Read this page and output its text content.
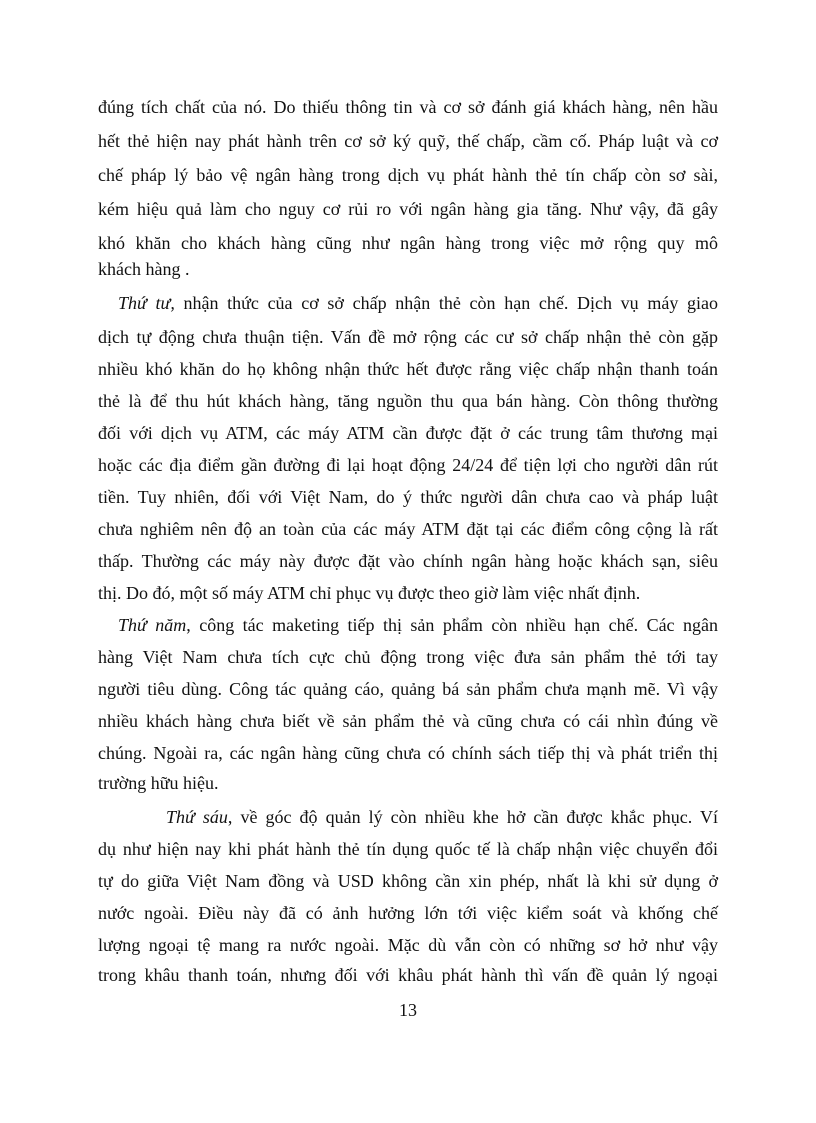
đúng tích chất của nó. Do thiếu thông tin và cơ sở đánh giá khách hàng, nên hầu
hết thẻ hiện nay phát hành trên cơ sở ký quỹ, thế chấp, cầm cố. Pháp luật và cơ
chế pháp lý bảo vệ ngân hàng trong dịch vụ phát hành thẻ tín chấp còn sơ sài,
kém hiệu quả làm cho nguy cơ rủi ro với ngân hàng gia tăng. Như vậy, đã gây
khó khăn cho khách hàng cũng như ngân hàng trong việc mở rộng quy mô
khách hàng .
Thứ tư, nhận thức của cơ sở chấp nhận thẻ còn hạn chế. Dịch vụ máy giao
dịch tự động chưa thuận tiện. Vấn đề mở rộng các cư sở chấp nhận thẻ còn gặp
nhiều khó khăn do họ không nhận thức hết được rằng việc chấp nhận thanh toán
thẻ là để thu hút khách hàng, tăng nguồn thu qua bán hàng. Còn thông thường
đối với dịch vụ ATM, các máy ATM cần được đặt ở các trung tâm thương mại
hoặc các địa điểm gần đường đi lại hoạt động 24/24 để tiện lợi cho người dân rút
tiền. Tuy nhiên, đối với Việt Nam, do ý thức người dân chưa cao và pháp luật
chưa nghiêm nên độ an toàn của các máy ATM đặt tại các điểm công cộng là rất
thấp. Thường các máy này được đặt vào chính ngân hàng hoặc khách sạn, siêu
thị. Do đó, một số máy ATM chỉ phục vụ được theo giờ làm việc nhất định.
Thứ năm, công tác maketing tiếp thị sản phẩm còn nhiều hạn chế. Các ngân
hàng Việt Nam chưa tích cực chủ động trong việc đưa sản phẩm thẻ tới tay
người tiêu dùng. Công tác quảng cáo, quảng bá sản phẩm chưa mạnh mẽ. Vì vậy
nhiều khách hàng chưa biết về sản phẩm thẻ và cũng chưa có cái nhìn đúng về
chúng. Ngoài ra, các ngân hàng cũng chưa có chính sách tiếp thị và phát triển thị
trường hữu hiệu.
Thứ sáu, về góc độ quản lý còn nhiều khe hở cần được khắc phục. Ví
dụ như hiện nay khi phát hành thẻ tín dụng quốc tế là chấp nhận việc chuyển đổi
tự do giữa Việt Nam đồng và USD không cần xin phép, nhất là khi sử dụng ở
nước ngoài. Điều này đã có ảnh hưởng lớn tới việc kiểm soát và khống chế
lượng ngoại tệ mang ra nước ngoài. Mặc dù vẫn còn có những sơ hở như vậy
trong khâu thanh toán, nhưng đối với khâu phát hành thì vấn đề quản lý ngoại
13
